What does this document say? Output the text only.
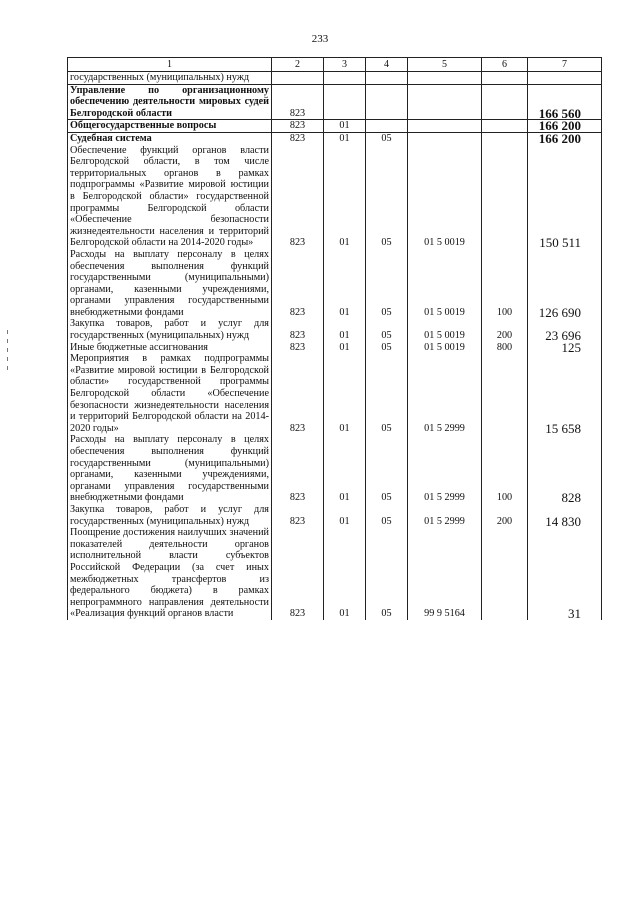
233
1	2	3	4	5	6	7
государственных (муниципальных) нужд						
Управление по организационному обеспечению деятельности мировых судей Белгородской области	823					166 560
Общегосударственные вопросы	823	01				166 200
Судебная система	823	01	05			166 200
Обеспечение функций органов власти Белгородской области, в том числе территориальных органов в рамках подпрограммы «Развитие мировой юстиции в Белгородской области» государственной программы Белгородской области «Обеспечение безопасности жизнедеятельности населения и территорий Белгородской области на 2014-2020 годы»	823	01	05	01 5 0019		150 511
Расходы на выплату персоналу в целях обеспечения выполнения функций государственными (муниципальными) органами, казенными учреждениями, органами управления государственными внебюджетными фондами	823	01	05	01 5 0019	100	126 690
Закупка товаров, работ и услуг для государственных (муниципальных) нужд	823	01	05	01 5 0019	200	23 696
Иные бюджетные ассигнования	823	01	05	01 5 0019	800	125
Мероприятия в рамках подпрограммы «Развитие мировой юстиции в Белгородской области» государственной программы Белгородской области «Обеспечение безопасности жизнедеятельности населения и территорий Белгородской области на 2014-2020 годы»	823	01	05	01 5 2999		15 658
Расходы на выплату персоналу в целях обеспечения выполнения функций государственными (муниципальными) органами, казенными учреждениями, органами управления государственными внебюджетными фондами	823	01	05	01 5 2999	100	828
Закупка товаров, работ и услуг для государственных (муниципальных) нужд	823	01	05	01 5 2999	200	14 830
Поощрение достижения наилучших значений показателей деятельности органов исполнительной власти субъектов Российской Федерации (за счет иных межбюджетных трансфертов из федерального бюджета) в рамках непрограммного направления деятельности «Реализация функций органов власти	823	01	05	99 9 5164		31
